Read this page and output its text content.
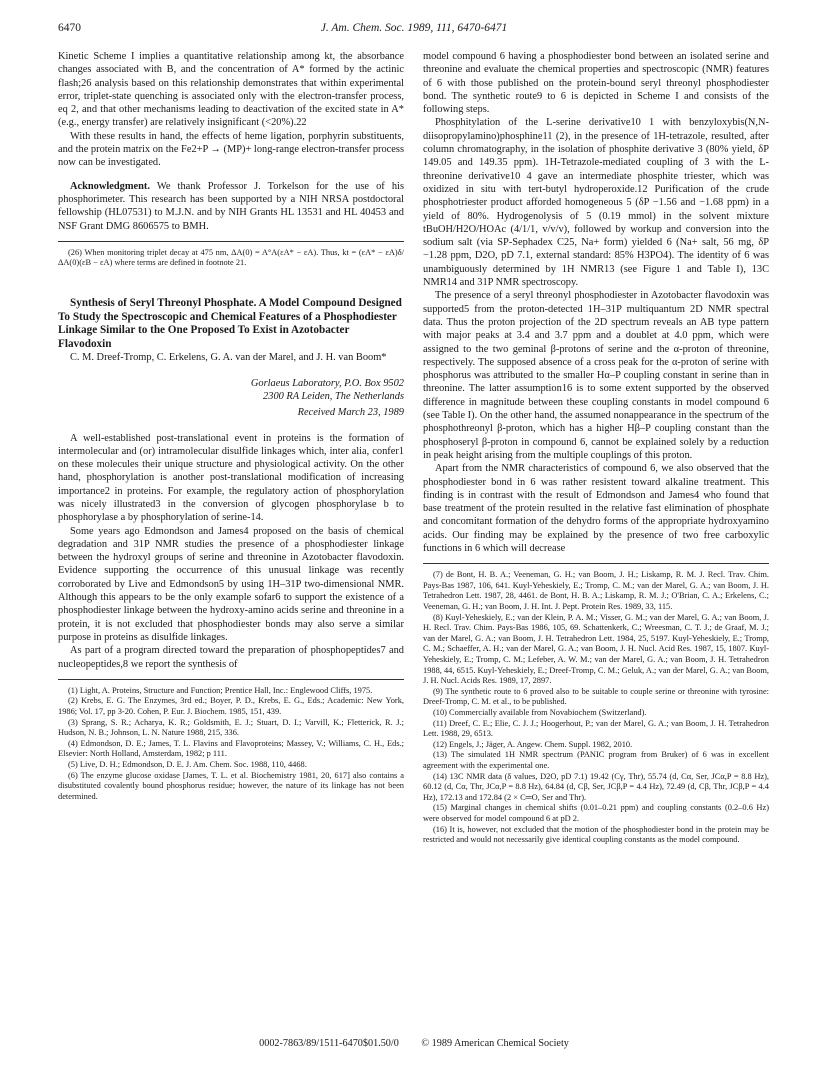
6470	J. Am. Chem. Soc. 1989, 111, 6470-6471

Kinetic Scheme I implies a quantitative relationship among kt, the absorbance changes associated with B, and the concentration of A* formed by the actinic flash;26 analysis based on this relationship demonstrates that within experimental error, triplet-state quenching is associated only with the electron-transfer process, eq 2, and that other mechanisms leading to deactivation of the excited state in A* (e.g., energy transfer) are relatively insignificant (<20%).22

With these results in hand, the effects of heme ligation, porphyrin substituents, and the protein matrix on the Fe2+P → (MP)+ long-range electron-transfer process now can be investigated.

Acknowledgment. We thank Professor J. Torkelson for the use of his phosphorimeter. This research has been supported by a NIH NRSA postdoctoral fellowship (HL07531) to M.J.N. and by NIH Grants HL 13531 and HL 40453 and NSF Grant DMG 8606575 to BMH.

(26) When monitoring triplet decay at 475 nm, ΔA(0) = A°A(εA* − εA). Thus, kt = (εA* − εA)δ/ΔA(0)(εB − εA) where terms are defined in footnote 21.

Synthesis of Seryl Threonyl Phosphate. A Model Compound Designed To Study the Spectroscopic and Chemical Features of a Phosphodiester Linkage Similar to the One Proposed To Exist in Azotobacter Flavodoxin

C. M. Dreef-Tromp, C. Erkelens, G. A. van der Marel, and J. H. van Boom*

Gorlaeus Laboratory, P.O. Box 9502
2300 RA Leiden, The Netherlands
Received March 23, 1989

A well-established post-translational event in proteins is the formation of intermolecular and (or) intramolecular disulfide linkages which, inter alia, confer1 on these molecules their unique structure and physiological activity. On the other hand, phosphorylation is another post-translational modification of increasing importance2 in proteins. For example, the regulatory action of phosphorylation was nicely illustrated3 in the conversion of glycogen phosphorylase b to phosphorylase a by phosphorylation of serine-14.

Some years ago Edmondson and James4 proposed on the basis of chemical degradation and 31P NMR studies the presence of a phosphodiester linkage between the hydroxyl groups of serine and threonine in Azotobacter flavodoxin. Evidence supporting the occurrence of this unusual linkage was recently corroborated by Live and Edmondson5 by using 1H–31P two-dimensional NMR. Although this appears to be the only example sofar6 to support the existence of a phosphodiester linkage between the hydroxy-amino acids serine and threonine in a protein, it is not excluded that phosphodiester bonds may also serve a similar purpose in proteins as disulfide linkages.

As part of a program directed toward the preparation of phosphopeptides7 and nucleopeptides,8 we report the synthesis of

(1) Light, A. Proteins, Structure and Function; Prentice Hall, Inc.: Englewood Cliffs, 1975.

(2) Krebs, E. G. The Enzymes, 3rd ed.; Boyer, P. D., Krebs, E. G., Eds.; Academic: New York, 1986; Vol. 17, pp 3-20. Cohen, P. Eur. J. Biochem. 1985, 151, 439.

(3) Sprang, S. R.; Acharya, K. R.; Goldsmith, E. J.; Stuart, D. I.; Varvill, K.; Fletterick, R. J.; Hudson, N. B.; Johnson, L. N. Nature 1988, 215, 336.

(4) Edmondson, D. E.; James, T. L. Flavins and Flavoproteins; Massey, V.; Williams, C. H., Eds.; Elsevier: North Holland, Amsterdam, 1982; p 111.

(5) Live, D. H.; Edmondson, D. E. J. Am. Chem. Soc. 1988, 110, 4468.

(6) The enzyme glucose oxidase [James, T. L. et al. Biochemistry 1981, 20, 617] also contains a disubstituted covalently bound phosphorus residue; however, the nature of its linkage has not been determined.

model compound 6 having a phosphodiester bond between an isolated serine and threonine and evaluate the chemical properties and spectroscopic (NMR) features of 6 with those published on the protein-bound seryl threonyl phosphodiester bond. The synthetic route9 to 6 is depicted in Scheme I and consists of the following steps.

Phosphitylation of the L-serine derivative10 1 with benzyloxybis(N,N-diisopropylamino)phosphine11 (2), in the presence of 1H-tetrazole, resulted, after column chromatography, in the isolation of phosphite derivative 3 (80% yield, δP 149.05 and 149.35 ppm). 1H-Tetrazole-mediated coupling of 3 with the L-threonine derivative10 4 gave an intermediate phosphite triester, which was oxidized in situ with tert-butyl hydroperoxide.12 Purification of the crude phosphotriester product afforded homogeneous 5 (δP −1.56 and −1.68 ppm) in a yield of 80%. Hydrogenolysis of 5 (0.19 mmol) in the solvent mixture tBuOH/H2O/HOAc (4/1/1, v/v/v), followed by workup and conversion into the sodium salt (via SP-Sephadex C25, Na+ form) yielded 6 (Na+ salt, 56 mg, δP −1.28 ppm, D2O, pD 7.1, external standard: 85% H3PO4). The identity of 6 was unambiguously determined by 1H NMR13 (see Figure 1 and Table I), 13C NMR14 and 31P NMR spectroscopy.

The presence of a seryl threonyl phosphodiester in Azotobacter flavodoxin was supported5 from the proton-detected 1H–31P multiquantum 2D NMR spectral data. Thus the proton projection of the 2D spectrum reveals an AB type pattern with major peaks at 3.4 and 3.7 ppm and a doublet at 4.0 ppm, which were assigned to the two geminal β-protons of serine and the α-proton of threonine, respectively. The supposed absence of a cross peak for the α-proton of serine with phosphorus was attributed to the smaller Hα–P coupling constant in serine than in threonine. The latter assumption16 is to some extent supported by the observed difference in magnitude between these coupling constants in model compound 6 (see Table I). On the other hand, the assumed nonappearance in the spectrum of the phosphothreonyl β-proton, which has a higher Hβ–P coupling constant than the phosphoseryl β-proton in compound 6, cannot be explained solely by a reduction in peak height arising from the multiple couplings of this proton.

Apart from the NMR characteristics of compound 6, we also observed that the phosphodiester bond in 6 was rather resistent toward alkaline treatment. This finding is in contrast with the result of Edmondson and James4 who found that base treatment of the protein resulted in the relative fast elimination of phosphate and concomitant formation of the dehydro forms of the appropriate hydroxyamino acids. Our finding may be explained by the presence of two free carboxylic functions in 6 which will decrease

(7) de Bont, H. B. A.; Veeneman, G. H.; van Boom, J. H.; Liskamp, R. M. J. Recl. Trav. Chim. Pays-Bas 1987, 106, 641. Kuyl-Yeheskiely, E.; Tromp, C. M.; van der Marel, G. A.; van Boom, J. H. Tetrahedron Lett. 1987, 28, 4461. de Bont, H. B. A.; Liskamp, R. M. J.; O'Brian, C. A.; Erkelens, C.; Veeneman, G. H.; van Boom, J. H. Int. J. Pept. Protein Res. 1989, 33, 115.

(8) Kuyl-Yeheskiely, E.; van der Klein, P. A. M.; Visser, G. M.; van der Marel, G. A.; van Boom, J. H. Recl. Trav. Chim. Pays-Bas 1986, 105, 69. Schattenkerk, C.; Wreesman, C. T. J.; de Graaf, M. J.; van der Marel, G. A.; van Boom, J. H. Tetrahedron Lett. 1984, 25, 5197. Kuyl-Yeheskiely, E.; Tromp, C. M.; Schaeffer, A. H.; van der Marel, G. A.; van Boom, J. H. Nucl. Acid Res. 1987, 15, 1807. Kuyl-Yeheskiely, E.; Tromp, C. M.; Lefeber, A. W. M.; van der Marel, G. A.; van Boom, J. H. Tetrahedron 1988, 44, 6515. Kuyl-Yeheskiely, E.; Dreef-Tromp, C. M.; Geluk, A.; van der Marel, G. A.; van Boom, J. H. Nucl. Acids Res. 1989, 17, 2897.

(9) The synthetic route to 6 proved also to be suitable to couple serine or threonine with tyrosine: Dreef-Tromp, C. M. et al., to be published.

(10) Commercially available from Novabiochem (Switzerland).

(11) Dreef, C. E.; Elie, C. J. J.; Hoogerhout, P.; van der Marel, G. A.; van Boom, J. H. Tetrahedron Lett. 1988, 29, 6513.

(12) Engels, J.; Jäger, A. Angew. Chem. Suppl. 1982, 2010.

(13) The simulated 1H NMR spectrum (PANIC program from Bruker) of 6 was in excellent agreement with the experimental one.

(14) 13C NMR data (δ values, D2O, pD 7.1) 19.42 (Cγ, Thr), 55.74 (d, Cα, Ser, JCα,P = 8.8 Hz), 60.12 (d, Cα, Thr, JCα,P = 8.8 Hz), 64.84 (d, Cβ, Ser, JCβ,P = 4.4 Hz), 72.49 (d, Cβ, Thr, JCβ,P = 4.4 Hz), 172.13 and 172.84 (2 × C═O, Ser and Thr).

(15) Marginal changes in chemical shifts (0.01–0.21 ppm) and coupling constants (0.2–0.6 Hz) were observed for model compound 6 at pD 2.

(16) It is, however, not excluded that the motion of the phosphodiester bond in the protein may be restricted and would not necessarily give identical coupling constants as the model compound.

0002-7863/89/1511-6470$01.50/0 © 1989 American Chemical Society
